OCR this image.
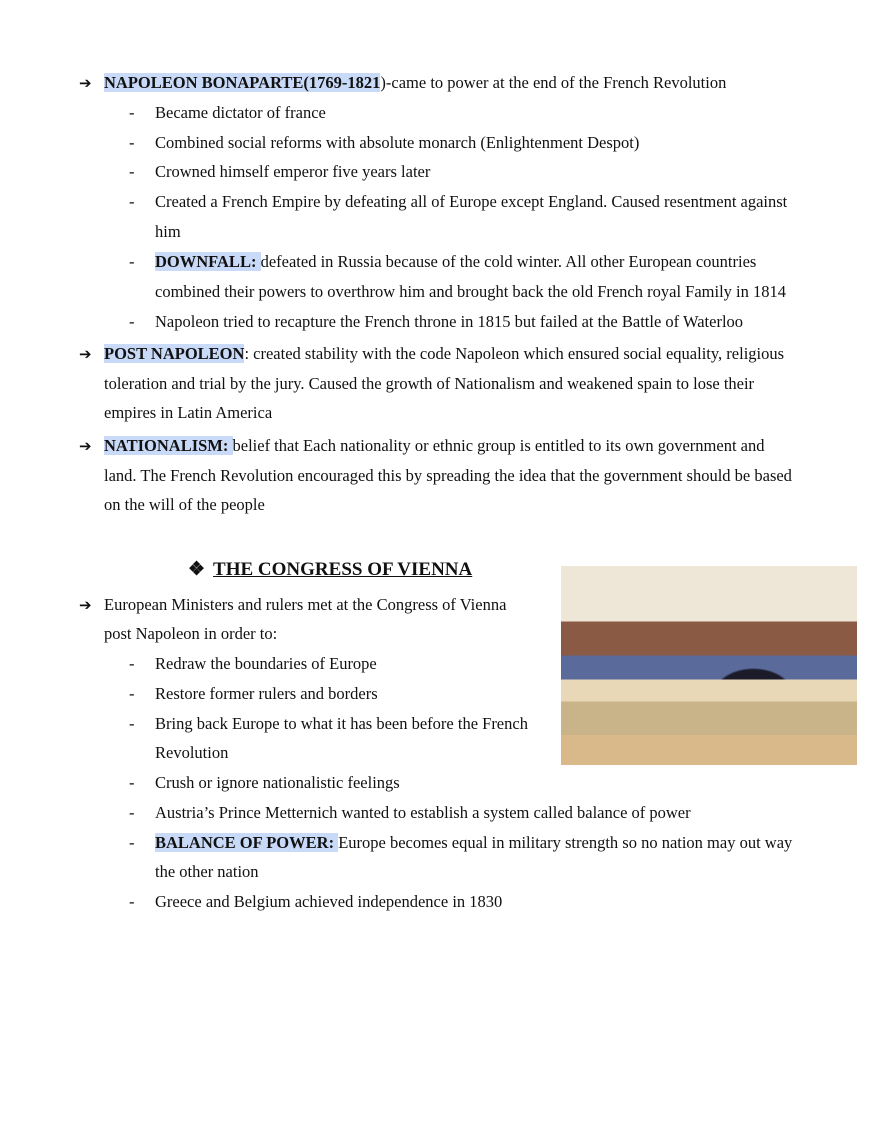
➔ NAPOLEON BONAPARTE(1769-1821)-came to power at the end of the French Revolution
- Became dictator of france
- Combined social reforms with absolute monarch (Enlightenment Despot)
- Crowned himself emperor five years later
- Created a French Empire by defeating all of Europe except England. Caused resentment against
him
- DOWNFALL: defeated in Russia because of the cold winter. All other European countries
combined their powers to overthrow him and brought back the old French royal Family in 1814
- Napoleon tried to recapture the French throne in 1815 but failed at the Battle of Waterloo
➔ POST NAPOLEON: created stability with the code Napoleon which ensured social equality, religious
toleration and trial by the jury. Caused the growth of Nationalism and weakened spain to lose their
empires in Latin America
➔ NATIONALISM: belief that Each nationality or ethnic group is entitled to its own government and
land. The French Revolution encouraged this by spreading the idea that the government should be based
on the will of the people
❖ THE CONGRESS OF VIENNA
➔ European Ministers and rulers met at the Congress of Vienna
post Napoleon in order to:
- Redraw the boundaries of Europe
- Restore former rulers and borders
- Bring back Europe to what it has been before the French
Revolution
- Crush or ignore nationalistic feelings
- Austria’s Prince Metternich wanted to establish a system called balance of power
- BALANCE OF POWER: Europe becomes equal in military strength so no nation may out way
the other nation
- Greece and Belgium achieved independence in 1830
